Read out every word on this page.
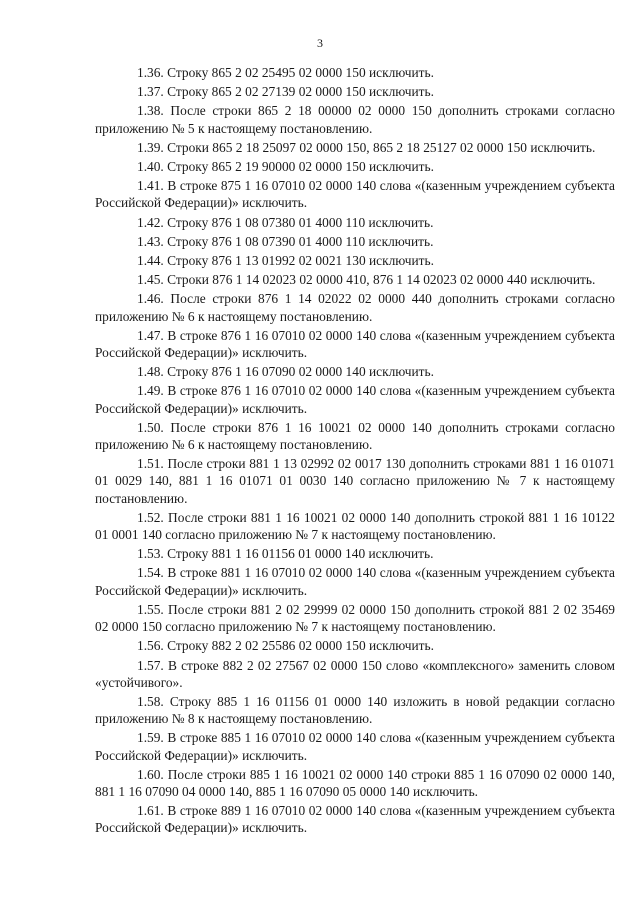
3

1.36. Строку 865 2 02 25495 02 0000 150 исключить.

1.37. Строку 865 2 02 27139 02 0000 150 исключить.

1.38. После строки 865 2 18 00000 02 0000 150 дополнить строками согласно приложению № 5 к настоящему постановлению.

1.39. Строки 865 2 18 25097 02 0000 150, 865 2 18 25127 02 0000 150 исключить.

1.40. Строку 865 2 19 90000 02 0000 150 исключить.

1.41. В строке 875 1 16 07010 02 0000 140 слова «(казенным учреждением субъекта Российской Федерации)» исключить.

1.42. Строку 876 1 08 07380 01 4000 110 исключить.

1.43. Строку 876 1 08 07390 01 4000 110 исключить.

1.44. Строку 876 1 13 01992 02 0021 130 исключить.

1.45. Строки 876 1 14 02023 02 0000 410, 876 1 14 02023 02 0000 440 исключить.

1.46. После строки 876 1 14 02022 02 0000 440 дополнить строками согласно приложению № 6 к настоящему постановлению.

1.47. В строке 876 1 16 07010 02 0000 140 слова «(казенным учреждением субъекта Российской Федерации)» исключить.

1.48. Строку 876 1 16 07090 02 0000 140 исключить.

1.49. В строке 876 1 16 07010 02 0000 140 слова «(казенным учреждением субъекта Российской Федерации)» исключить.

1.50. После строки 876 1 16 10021 02 0000 140 дополнить строками согласно приложению № 6 к настоящему постановлению.

1.51. После строки 881 1 13 02992 02 0017 130 дополнить строками 881 1 16 01071 01 0029 140, 881 1 16 01071 01 0030 140 согласно приложению № 7 к настоящему постановлению.

1.52. После строки 881 1 16 10021 02 0000 140 дополнить строкой 881 1 16 10122 01 0001 140 согласно приложению № 7 к настоящему постановлению.

1.53. Строку 881 1 16 01156 01 0000 140 исключить.

1.54. В строке 881 1 16 07010 02 0000 140 слова «(казенным учреждением субъекта Российской Федерации)» исключить.

1.55. После строки 881 2 02 29999 02 0000 150 дополнить строкой 881 2 02 35469 02 0000 150 согласно приложению № 7 к настоящему постановлению.

1.56. Строку 882 2 02 25586 02 0000 150 исключить.

1.57. В строке 882 2 02 27567 02 0000 150 слово «комплексного» заменить словом «устойчивого».

1.58. Строку 885 1 16 01156 01 0000 140 изложить в новой редакции согласно приложению № 8 к настоящему постановлению.

1.59. В строке 885 1 16 07010 02 0000 140 слова «(казенным учреждением субъекта Российской Федерации)» исключить.

1.60. После строки 885 1 16 10021 02 0000 140 строки 885 1 16 07090 02 0000 140, 881 1 16 07090 04 0000 140, 885 1 16 07090 05 0000 140 исключить.

1.61. В строке 889 1 16 07010 02 0000 140 слова «(казенным учреждением субъекта Российской Федерации)» исключить.
